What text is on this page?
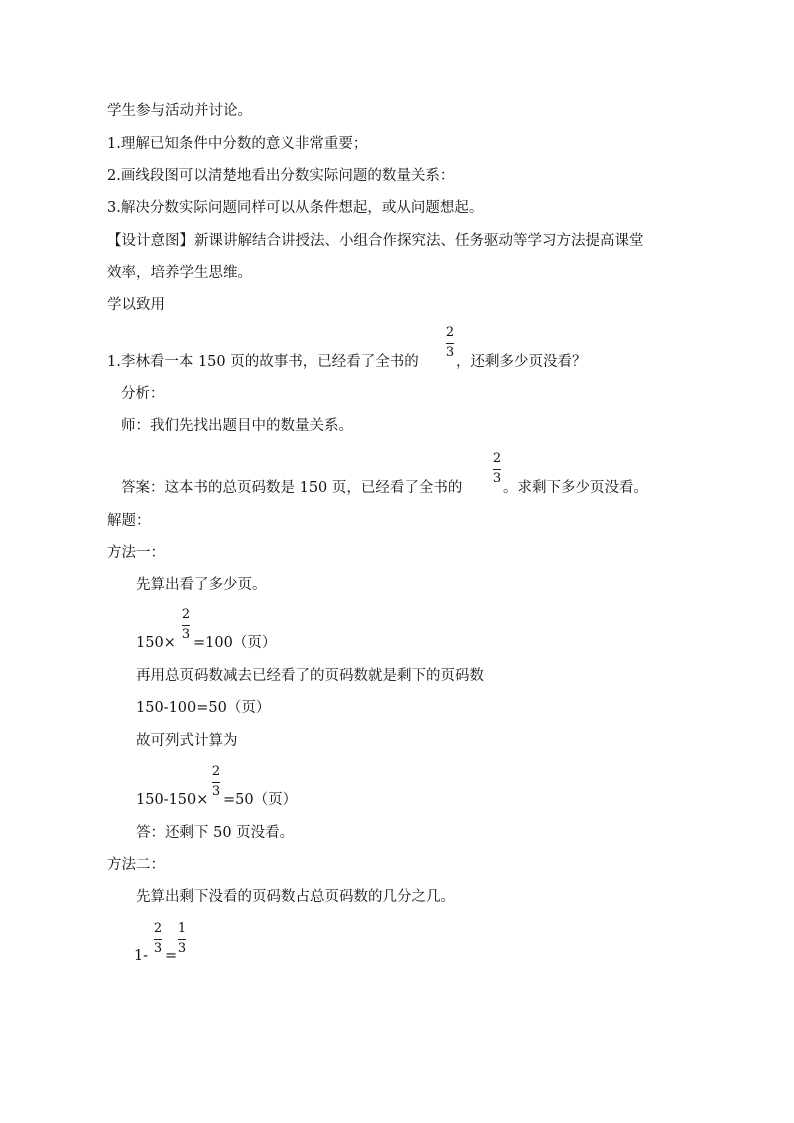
学生参与活动并讨论。
1.理解已知条件中分数的意义非常重要；
2.画线段图可以清楚地看出分数实际问题的数量关系：
3.解决分数实际问题同样可以从条件想起，或从问题想起。
【设计意图】新课讲解结合讲授法、小组合作探究法、任务驱动等学习方法提高课堂
效率，培养学生思维。
学以致用
1.李林看一本 150 页的故事书，已经看了全书的
2
3
，还剩多少页没看？
分析：
师：我们先找出题目中的数量关系。
答案：这本书的总页码数是 150 页，已经看了全书的
2
3
。求剩下多少页没看。
解题：
方法一：
先算出看了多少页。
150×
2
3
=100（页）
再用总页码数减去已经看了的页码数就是剩下的页码数
150-100=50（页）
故可列式计算为
150-150×
2
3
=50（页）
答：还剩下 50 页没看。
方法二：
先算出剩下没看的页码数占总页码数的几分之几。
1-
2
3 =
1
3
